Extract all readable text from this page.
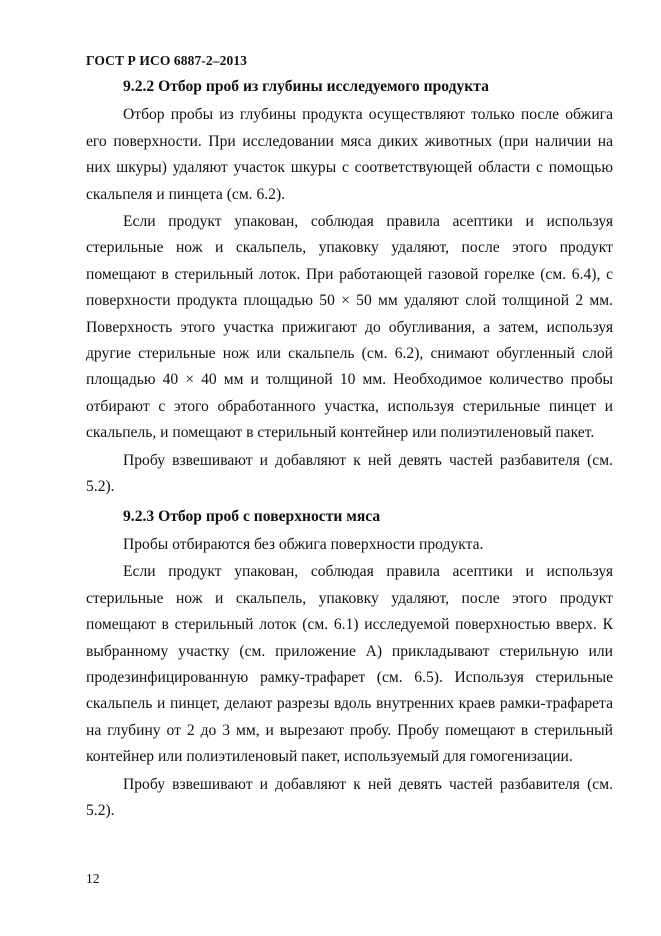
ГОСТ Р ИСО 6887-2–2013
9.2.2 Отбор проб из глубины исследуемого продукта

Отбор пробы из глубины продукта осуществляют только после обжига его поверхности. При исследовании мяса диких животных (при наличии на них шкуры) удаляют участок шкуры с соответствующей области с помощью скальпеля и пинцета (см. 6.2).

Если продукт упакован, соблюдая правила асептики и используя стерильные нож и скальпель, упаковку удаляют, после этого продукт помещают в стерильный лоток. При работающей газовой горелке (см. 6.4), с поверхности продукта площадью 50 × 50 мм удаляют слой толщиной 2 мм. Поверхность этого участка прижигают до обугливания, а затем, используя другие стерильные нож или скальпель (см. 6.2), снимают обугленный слой площадью 40 × 40 мм и толщиной 10 мм. Необходимое количество пробы отбирают с этого обработанного участка, используя стерильные пинцет и скальпель, и помещают в стерильный контейнер или полиэтиленовый пакет.

Пробу взвешивают и добавляют к ней девять частей разбавителя (см. 5.2).

9.2.3 Отбор проб с поверхности мяса

Пробы отбираются без обжига поверхности продукта.

Если продукт упакован, соблюдая правила асептики и используя стерильные нож и скальпель, упаковку удаляют, после этого продукт помещают в стерильный лоток (см. 6.1) исследуемой поверхностью вверх. К выбранному участку (см. приложение А) прикладывают стерильную или продезинфицированную рамку-трафарет (см. 6.5). Используя стерильные скальпель и пинцет, делают разрезы вдоль внутренних краев рамки-трафарета на глубину от 2 до 3 мм, и вырезают пробу. Пробу помещают в стерильный контейнер или полиэтиленовый пакет, используемый для гомогенизации.

Пробу взвешивают и добавляют к ней девять частей разбавителя (см. 5.2).

12
